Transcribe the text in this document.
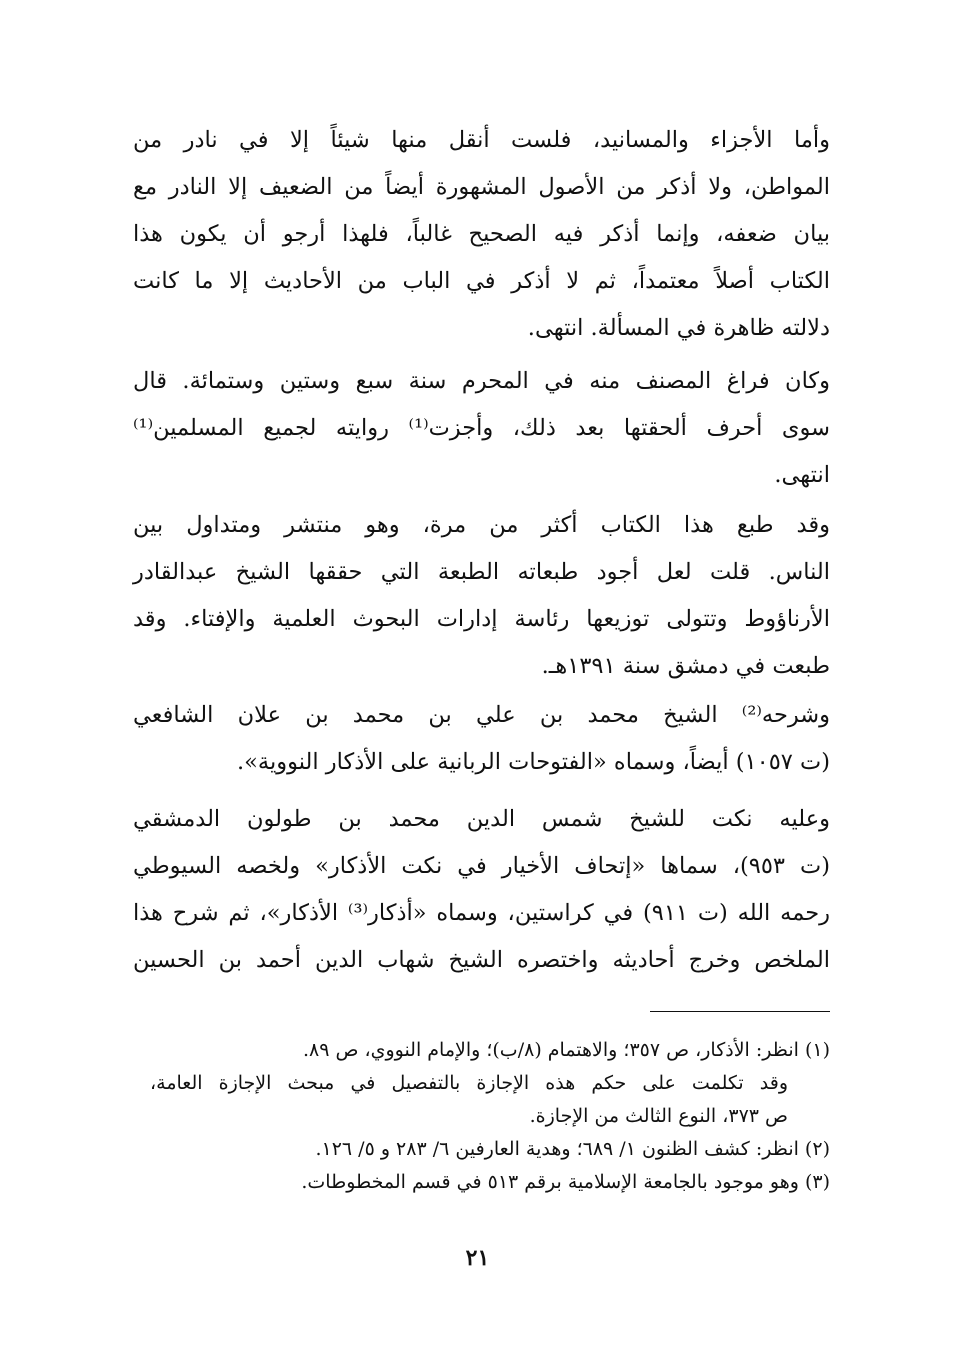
وأما الأجزاء والمسانيد، فلست أنقل منها شيئاً إلا في نادر من
المواطن، ولا أذكر من الأصول المشهورة أيضاً من الضعيف إلا النادر مع
بيان ضعفه، وإنما أذكر فيه الصحيح غالباً، فلهذا أرجو أن يكون هذا
الكتاب أصلاً معتمداً، ثم لا أذكر في الباب من الأحاديث إلا ما كانت
دلالته ظاهرة في المسألة. انتهى.
وكان فراغ المصنف منه في المحرم سنة سبع وستين وستمائة. قال
سوى أحرف ألحقتها بعد ذلك، وأجزت⁽¹⁾ روايته لجميع المسلمين⁽¹⁾
انتهى.
وقد طبع هذا الكتاب أكثر من مرة، وهو منتشر ومتداول بين
الناس. قلت لعل أجود طبعاته الطبعة التي حققها الشيخ عبدالقادر
الأرناؤوط وتتولى توزيعها رئاسة إدارات البحوث العلمية والإفتاء. وقد
طبعت في دمشق سنة ١٣٩١هـ.
وشرحه⁽²⁾ الشيخ محمد بن علي بن محمد بن علان الشافعي
(ت ١٠٥٧) أيضاً، وسماه «الفتوحات الربانية على الأذكار النووية».
وعليه نكت للشيخ شمس الدين محمد بن طولون الدمشقي
(ت ٩٥٣)، سماها «إتحاف الأخيار في نكت الأذكار» ولخصه السيوطي
رحمه الله (ت ٩١١) في كراستين، وسماه «أذكار⁽³⁾ الأذكار»، ثم شرح هذا
الملخص وخرج أحاديثه واختصره الشيخ شهاب الدين أحمد بن الحسين
(١) انظر: الأذكار، ص ٣٥٧؛ والاهتمام (٨/ب)؛ والإمام النووي، ص ٨٩.
وقد تكلمت على حكم هذه الإجازة بالتفصيل في مبحث الإجازة العامة،
ص ٣٧٣، النوع الثالث من الإجازة.
(٢) انظر: كشف الظنون ١/ ٦٨٩؛ وهدية العارفين ٦/ ٢٨٣ و ٥/ ١٢٦.
(٣) وهو موجود بالجامعة الإسلامية برقم ٥١٣ في قسم المخطوطات.
٢١
